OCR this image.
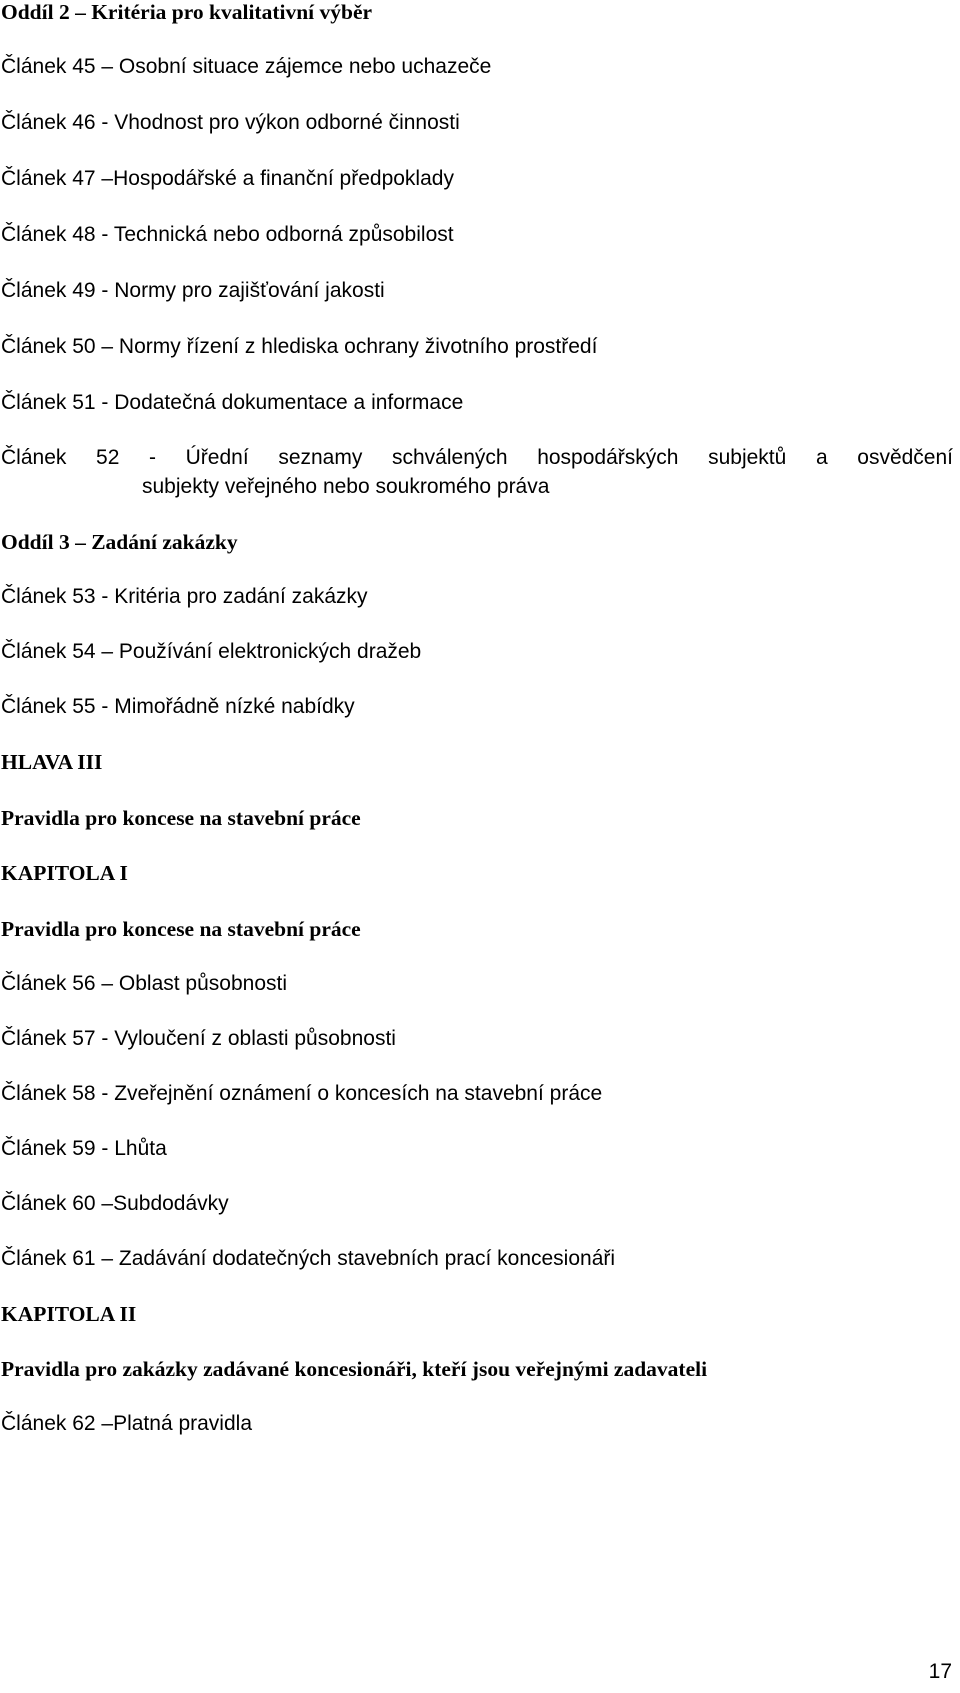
Oddíl 2 – Kritéria pro kvalitativní výběr

Článek 45 – Osobní situace zájemce nebo uchazeče

Článek 46 - Vhodnost pro výkon odborné činnosti

Článek 47 –Hospodářské a finanční předpoklady

Článek 48 - Technická nebo odborná způsobilost

Článek 49 - Normy pro zajišťování jakosti

Článek 50 – Normy řízení z hlediska ochrany životního prostředí

Článek 51 - Dodatečná dokumentace a informace

Článek 52 - Úřední seznamy schválených hospodářských subjektů a osvědčení

subjekty veřejného nebo soukromého práva

Oddíl 3 – Zadání zakázky

Článek 53 - Kritéria pro zadání zakázky

Článek 54 – Používání elektronických dražeb

Článek 55 - Mimořádně nízké nabídky

HLAVA III

Pravidla pro koncese na stavební práce

KAPITOLA I

Pravidla pro koncese na stavební práce

Článek 56 – Oblast působnosti

Článek 57 - Vyloučení z oblasti působnosti

Článek 58 - Zveřejnění oznámení o koncesích na stavební práce

Článek 59 - Lhůta

Článek 60 –Subdodávky

Článek 61 – Zadávání dodatečných stavebních prací koncesionáři

KAPITOLA II

Pravidla pro zakázky zadávané koncesionáři, kteří jsou veřejnými zadavateli

Článek 62 –Platná pravidla

17
